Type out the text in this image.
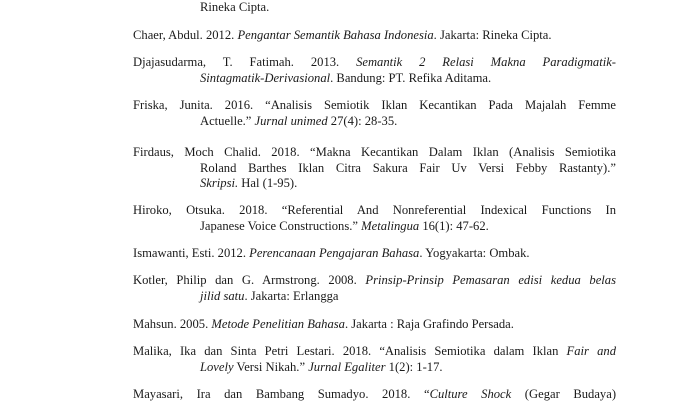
Rineka Cipta.
Chaer, Abdul. 2012. Pengantar Semantik Bahasa Indonesia. Jakarta: Rineka Cipta.
Djajasudarma, T. Fatimah. 2013. Semantik 2 Relasi Makna Paradigmatik-
Sintagmatik-Derivasional. Bandung: PT. Refika Aditama.
Friska, Junita. 2016. “Analisis Semiotik Iklan Kecantikan Pada Majalah Femme
Actuelle.” Jurnal unimed 27(4): 28-35.
Firdaus, Moch Chalid. 2018. “Makna Kecantikan Dalam Iklan (Analisis Semiotika
Roland Barthes Iklan Citra Sakura Fair Uv Versi Febby Rastanty).”
Skripsi. Hal (1-95).
Hiroko, Otsuka. 2018. “Referential And Nonreferential Indexical Functions In
Japanese Voice Constructions.” Metalingua 16(1): 47-62.
Ismawanti, Esti. 2012. Perencanaan Pengajaran Bahasa. Yogyakarta: Ombak.
Kotler, Philip dan G. Armstrong. 2008. Prinsip-Prinsip Pemasaran edisi kedua belas
jilid satu. Jakarta: Erlangga
Mahsun. 2005. Metode Penelitian Bahasa. Jakarta : Raja Grafindo Persada.
Malika, Ika dan Sinta Petri Lestari. 2018. “Analisis Semiotika dalam Iklan Fair and
Lovely Versi Nikah.” Jurnal Egaliter 1(2): 1-17.
Mayasari, Ira dan Bambang Sumadyo. 2018. “Culture Shock (Gegar Budaya)
